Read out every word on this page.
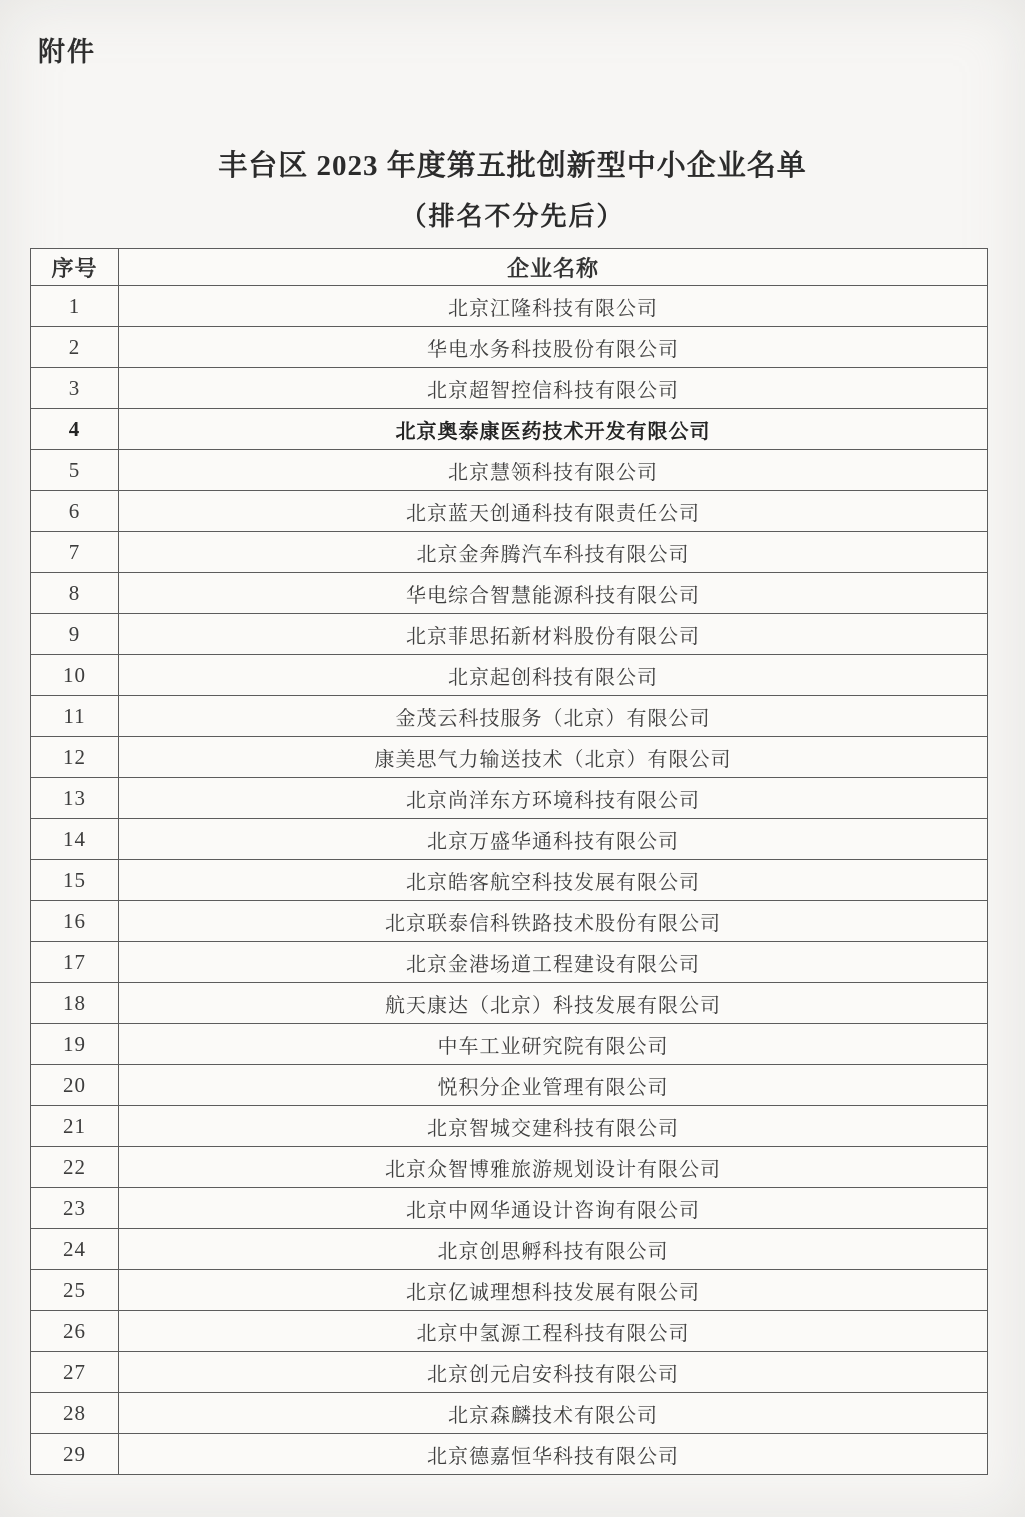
附件
丰台区 2023 年度第五批创新型中小企业名单
（排名不分先后）
序号	企业名称
1	北京江隆科技有限公司
2	华电水务科技股份有限公司
3	北京超智控信科技有限公司
4	北京奥泰康医药技术开发有限公司
5	北京慧领科技有限公司
6	北京蓝天创通科技有限责任公司
7	北京金奔腾汽车科技有限公司
8	华电综合智慧能源科技有限公司
9	北京菲思拓新材料股份有限公司
10	北京起创科技有限公司
11	金茂云科技服务（北京）有限公司
12	康美思气力输送技术（北京）有限公司
13	北京尚洋东方环境科技有限公司
14	北京万盛华通科技有限公司
15	北京皓客航空科技发展有限公司
16	北京联泰信科铁路技术股份有限公司
17	北京金港场道工程建设有限公司
18	航天康达（北京）科技发展有限公司
19	中车工业研究院有限公司
20	悦积分企业管理有限公司
21	北京智城交建科技有限公司
22	北京众智博雅旅游规划设计有限公司
23	北京中网华通设计咨询有限公司
24	北京创思孵科技有限公司
25	北京亿诚理想科技发展有限公司
26	北京中氢源工程科技有限公司
27	北京创元启安科技有限公司
28	北京森麟技术有限公司
29	北京德嘉恒华科技有限公司
